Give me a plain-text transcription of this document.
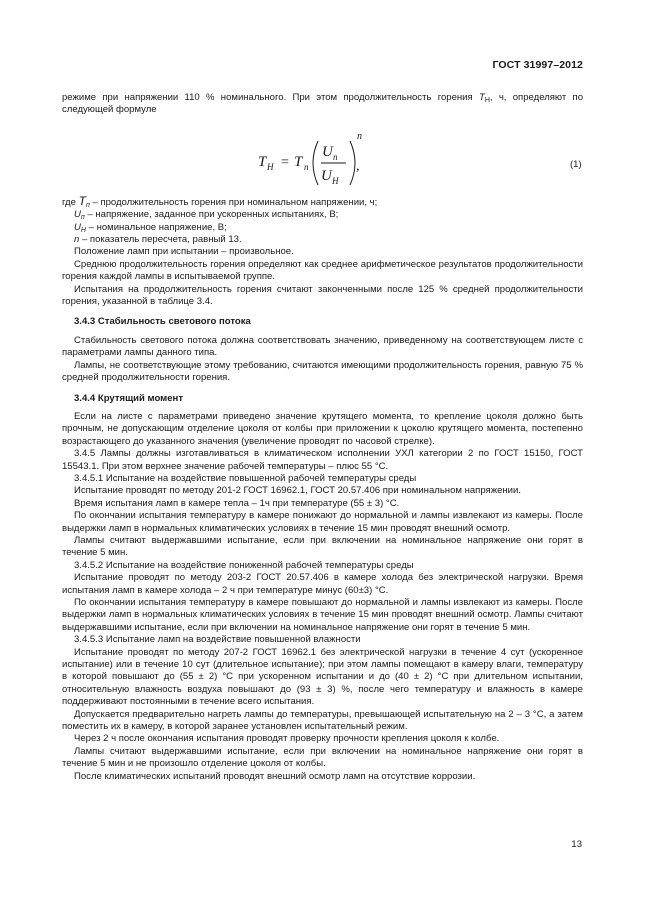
ГОСТ 31997–2012

режиме при напряжении 110 % номинального. При этом продолжительность горения $T_H$, ч, определяют по следующей формуле

T H = T п
U п
U H
n
,	(1)
где $T_п$ – продолжительность горения при номинальном напряжении, ч;
$U_п$ – напряжение, заданное при ускоренных испытаниях, В;
$U_H$ – номинальное напряжение, В;
n – показатель пересчета, равный 13.
Положение ламп при испытании – произвольное.

Среднюю продолжительность горения определяют как среднее арифметическое результатов продолжительности горения каждой лампы в испытываемой группе.

Испытания на продолжительность горения считают законченными после 125 % средней продолжительности горения, указанной в таблице 3.4.

3.4.3 Стабильность светового потока

Стабильность светового потока должна соответствовать значению, приведенному на соответствующем листе с параметрами лампы данного типа.

Лампы, не соответствующие этому требованию, считаются имеющими продолжительность горения, равную 75 % средней продолжительности горения.

3.4.4 Крутящий момент

Если на листе с параметрами приведено значение крутящего момента, то крепление цоколя должно быть прочным, не допускающим отделение цоколя от колбы при приложении к цоколю крутящего момента, постепенно возрастающего до указанного значения (увеличение проводят по часовой стрелке).

3.4.5 Лампы должны изготавливаться в климатическом исполнении УХЛ категории 2 по ГОСТ 15150, ГОСТ 15543.1. При этом верхнее значение рабочей температуры – плюс 55 °С.

3.4.5.1 Испытание на воздействие повышенной рабочей температуры среды

Испытание проводят по методу 201-2 ГОСТ 16962.1, ГОСТ 20.57.406 при номинальном напряжении.

Время испытания ламп в камере тепла – 1ч при температуре (55 ± 3) °С.

По окончании испытания температуру в камере понижают до нормальной и лампы извлекают из камеры. После выдержки ламп в нормальных климатических условиях в течение 15 мин проводят внешний осмотр.

Лампы считают выдержавшими испытание, если при включении на номинальное напряжение они горят в течение 5 мин.

3.4.5.2 Испытание на воздействие пониженной рабочей температуры среды

Испытание проводят по методу 203-2 ГОСТ 20.57.406 в камере холода без электрической нагрузки. Время испытания ламп в камере холода – 2 ч при температуре минус (60±3) °С.

По окончании испытания температуру в камере повышают до нормальной и лампы извлекают из камеры. После выдержки ламп в нормальных климатических условиях в течение 15 мин проводят внешний осмотр. Лампы считают выдержавшими испытание, если при включении на номинальное напряжение они горят в течение 5 мин.

3.4.5.3 Испытание ламп на воздействие повышенной влажности

Испытание проводят по методу 207-2 ГОСТ 16962.1 без электрической нагрузки в течение 4 сут (ускоренное испытание) или в течение 10 сут (длительное испытание); при этом лампы помещают в камеру влаги, температуру в которой повышают до (55 ± 2) °С при ускоренном испытании и до (40 ± 2) °С при длительном испытании, относительную влажность воздуха повышают до (93 ± 3) %, после чего температуру и влажность в камере поддерживают постоянными в течение всего испытания.

Допускается предварительно нагреть лампы до температуры, превышающей испытательную на 2 – 3 °С, а затем поместить их в камеру, в которой заранее установлен испытательный режим.

Через 2 ч после окончания испытания проводят проверку прочности крепления цоколя к колбе.

Лампы считают выдержавшими испытание, если при включении на номинальное напряжение они горят в течение 5 мин и не произошло отделение цоколя от колбы.

После климатических испытаний проводят внешний осмотр ламп на отсутствие коррозии.

13
